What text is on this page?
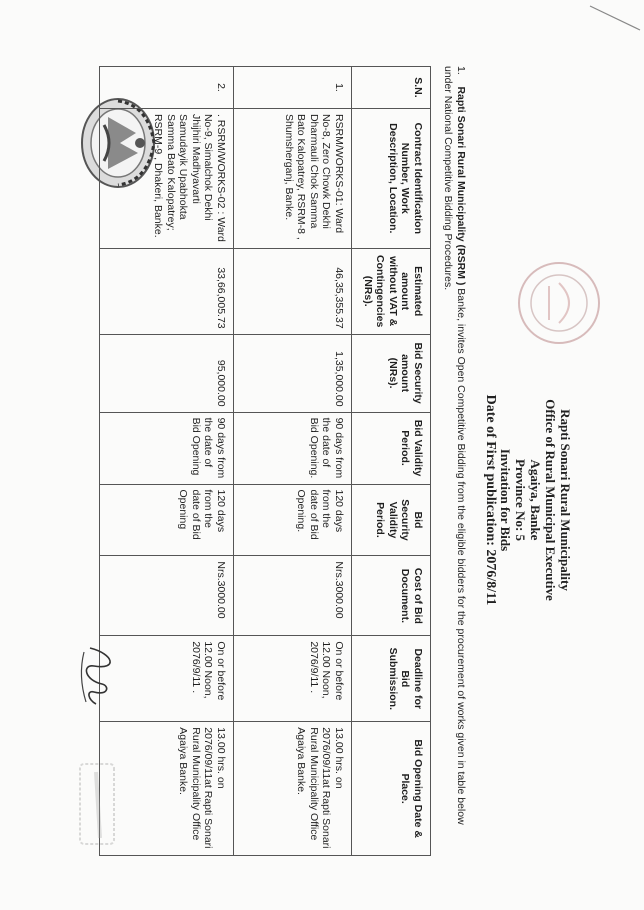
Rapti Sonari Rural Municipality
Office of Rural Municipal Executive
Agaiya, Banke
Province No: 5
Invitation for Bids
Date of First publication: 2076/8/11
1.    Rapti Sonari Rural Municipality (RSRM ) Banke, invites Open Competitive Bidding from the eligible bidders for the procurement of works given in table below under National Competitive Bidding Procedures.
S.N.	Contract Identification Number, Work Description, Location.	Estimated amount without VAT & Contingencies (NRs).	Bid Security amount (NRs).	Bid Validity Period.	Bid Security Validity Period.	Cost of Bid Document.	Deadline for Bid Submission.	Bid Opening Date & Place.
1.	RSRM/WORKS-01: Ward No-8, Zero Chowk Dekhi Dharmauli Chok Samma Bato Kalopatrey, RSRM-8 , Shumsherganj, Banke.	46,35,355.37	1,35,000.00	90 days from the date of Bid Opening.	120 days from the date of Bid Opening.	Nrs.3000.00	On or before 12.00 Noon, 2076/9/11 .	13.00 hrs. on 2076/09/11at Rapti Sonari Rural Municipality Office Agaiya Banke.
2.	. RSRM/WORKS-02 : Ward No-9, Simalchok Dekhi Jhijhiri Madhyavarti Samudayik Upabhokta Samma Bato Kalopatrey; RSRM-9 , Dhakeri, Banke.	33,66,005.73	95,000.00	90 days from the date of Bid Opening	120 days from the date of Bid Opening	Nrs.3000.00	On or before 12.00 Noon, 2076/9/11 .	13.00 hrs. on 2076/09/11at Rapti Sonari Rural Municipality Office Agaiya Banke.
